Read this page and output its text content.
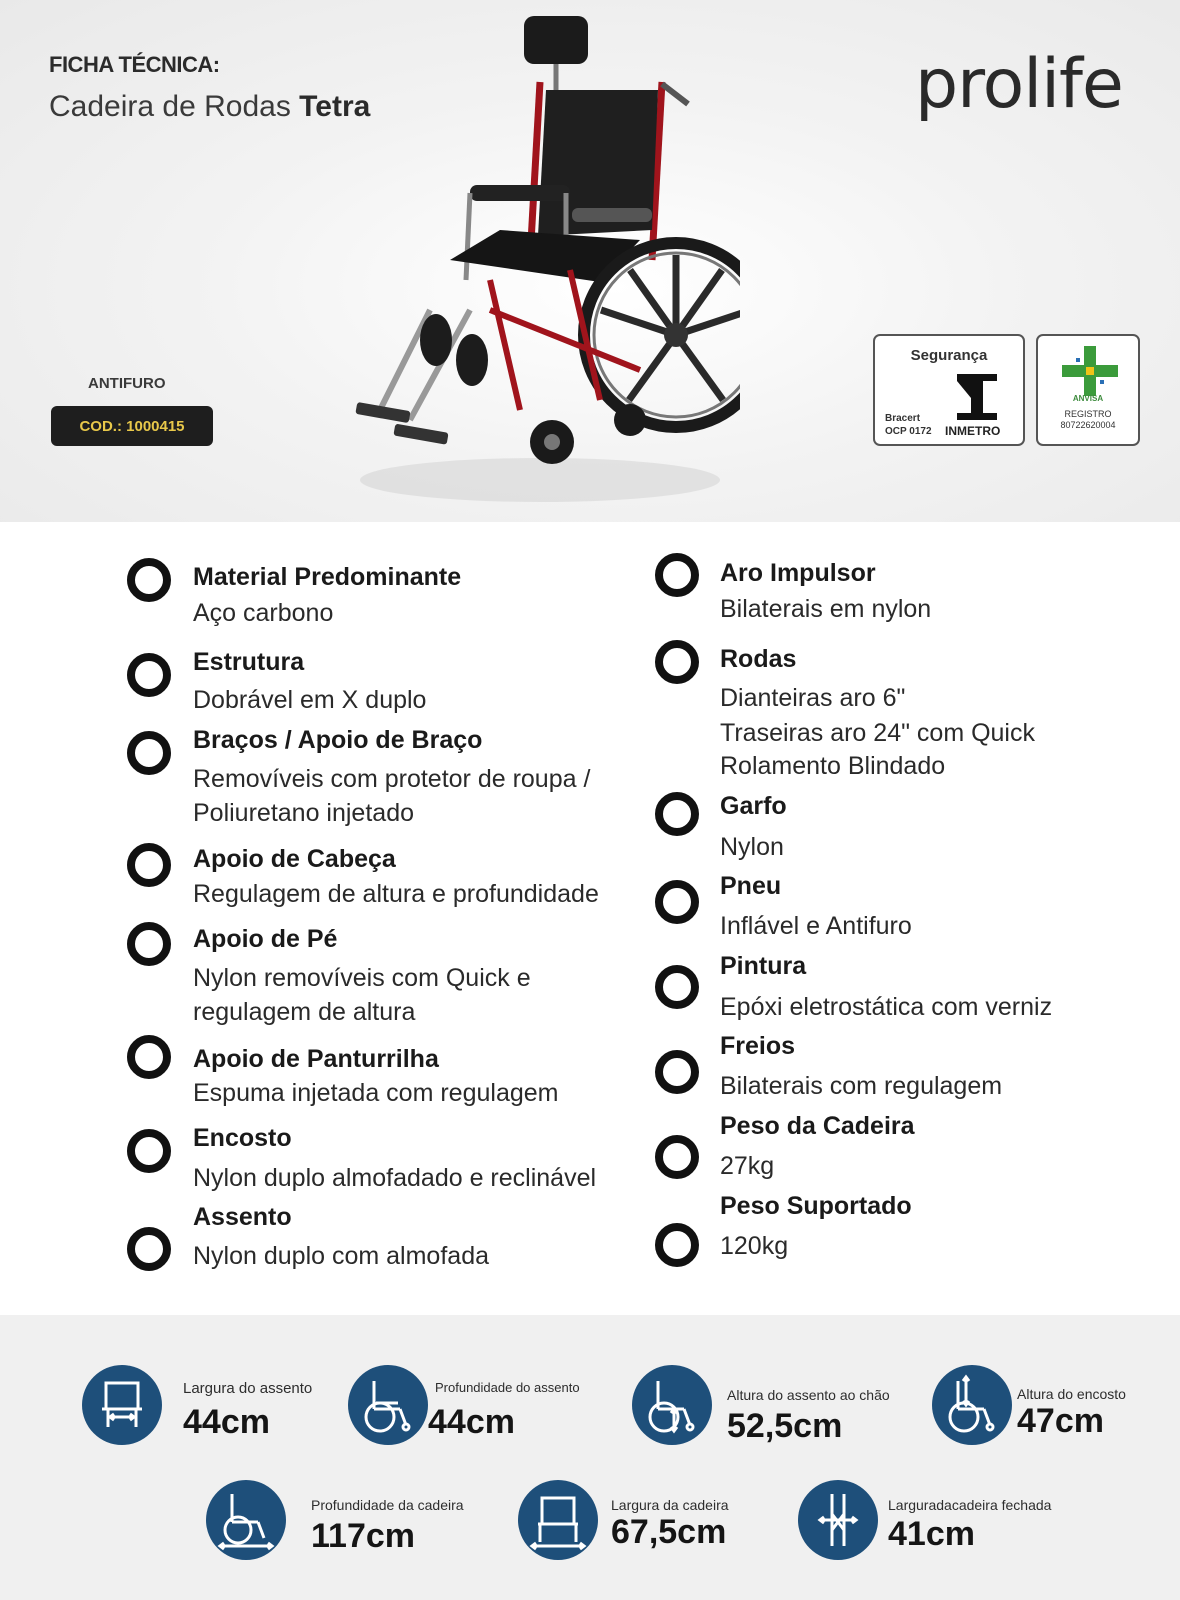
FICHA TÉCNICA:
Cadeira de Rodas Tetra	prolife
ANTIFURO
COD.: 1000415
Segurança
Bracert
OCP 0172 INMETRO
ANVISA
REGISTRO
80722620004
Material Predominante
Aço carbono
Estrutura
Dobrável em X duplo
Braços / Apoio de Braço
Removíveis com protetor de roupa /
Poliuretano injetado
Apoio de Cabeça
Regulagem de altura e profundidade
Apoio de Pé
Nylon removíveis com Quick e
regulagem de altura
Apoio de Panturrilha
Espuma injetada com regulagem
Encosto
Nylon duplo almofadado e reclinável
Assento
Nylon duplo com almofada
Aro Impulsor
Bilaterais em nylon
Rodas
Dianteiras aro 6"
Traseiras aro 24" com Quick
Rolamento Blindado
Garfo
Nylon
Pneu
Inflável e Antifuro
Pintura
Epóxi eletrostática com verniz
Freios
Bilaterais com regulagem
Peso da Cadeira
27kg
Peso Suportado
120kg
Largura do assento
44cm
Profundidade do assento
44cm
Altura do assento ao chão
52,5cm
Altura do encosto
47cm
Profundidade da cadeira
117cm
Largura da cadeira
67,5cm
Larguradacadeira fechada
41cm
